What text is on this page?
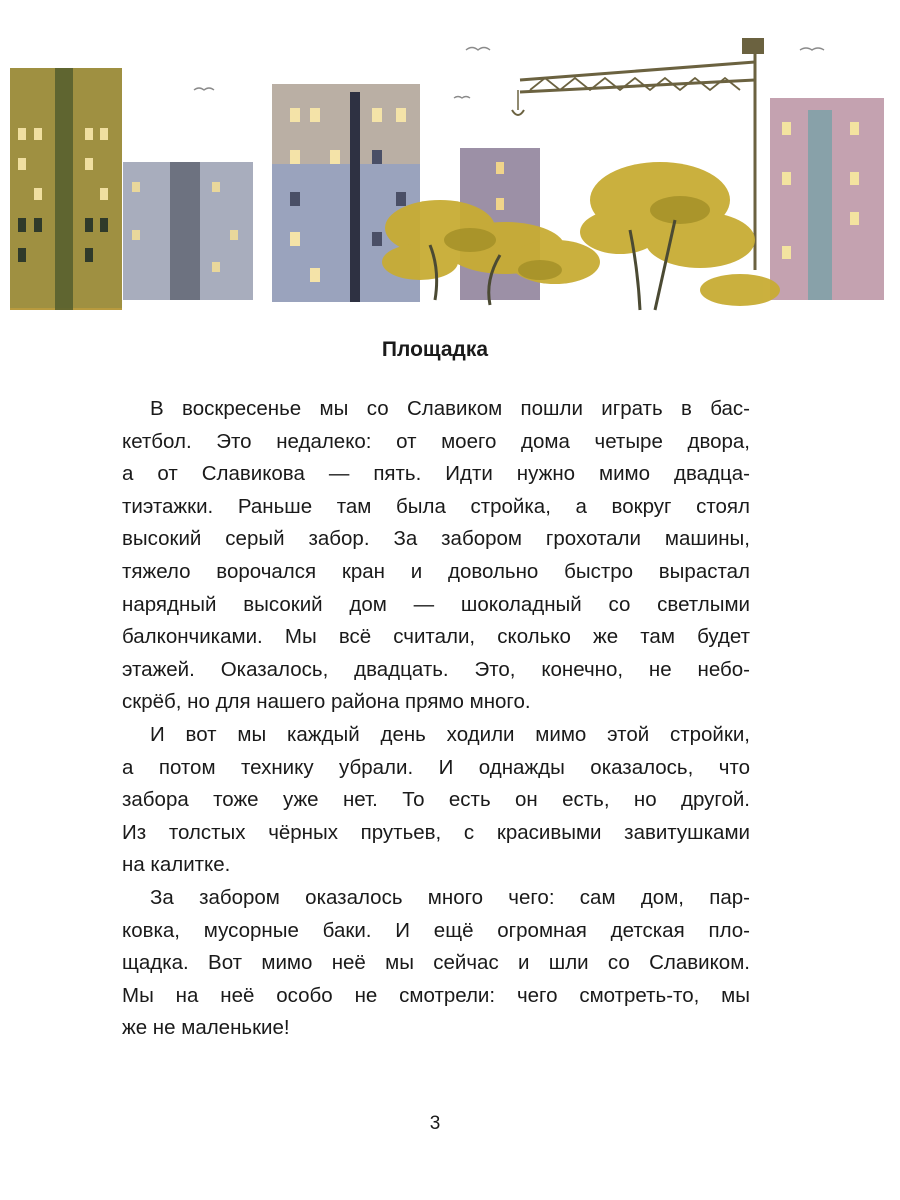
Площадка
В воскресенье мы со Славиком пошли играть в бас-
кетбол. Это недалеко: от моего дома четыре двора,
а от Славикова — пять. Идти нужно мимо двадцa-
тиэтажки. Раньше там была стройка, а вокруг стоял
высокий серый забор. За забором грохотали машины,
тяжело ворочался кран и довольно быстро вырастал
нарядный высокий дом — шоколадный со светлыми
балкончиками. Мы всё считали, сколько же там будет
этажей. Оказалось, двадцать. Это, конечно, не небо-
скрёб, но для нашего района прямо много.
И вот мы каждый день ходили мимо этой стройки,
а потом технику убрали. И однажды оказалось, что
забора тоже уже нет. То есть он есть, но другой.
Из толстых чёрных прутьев, с красивыми завитушками
на калитке.
За забором оказалось много чего: сам дом, пар-
ковка, мусорные баки. И ещё огромная детская пло-
щадка. Вот мимо неё мы сейчас и шли со Славиком.
Мы на неё особо не смотрели: чего смотреть-то, мы
же не маленькие!
3
